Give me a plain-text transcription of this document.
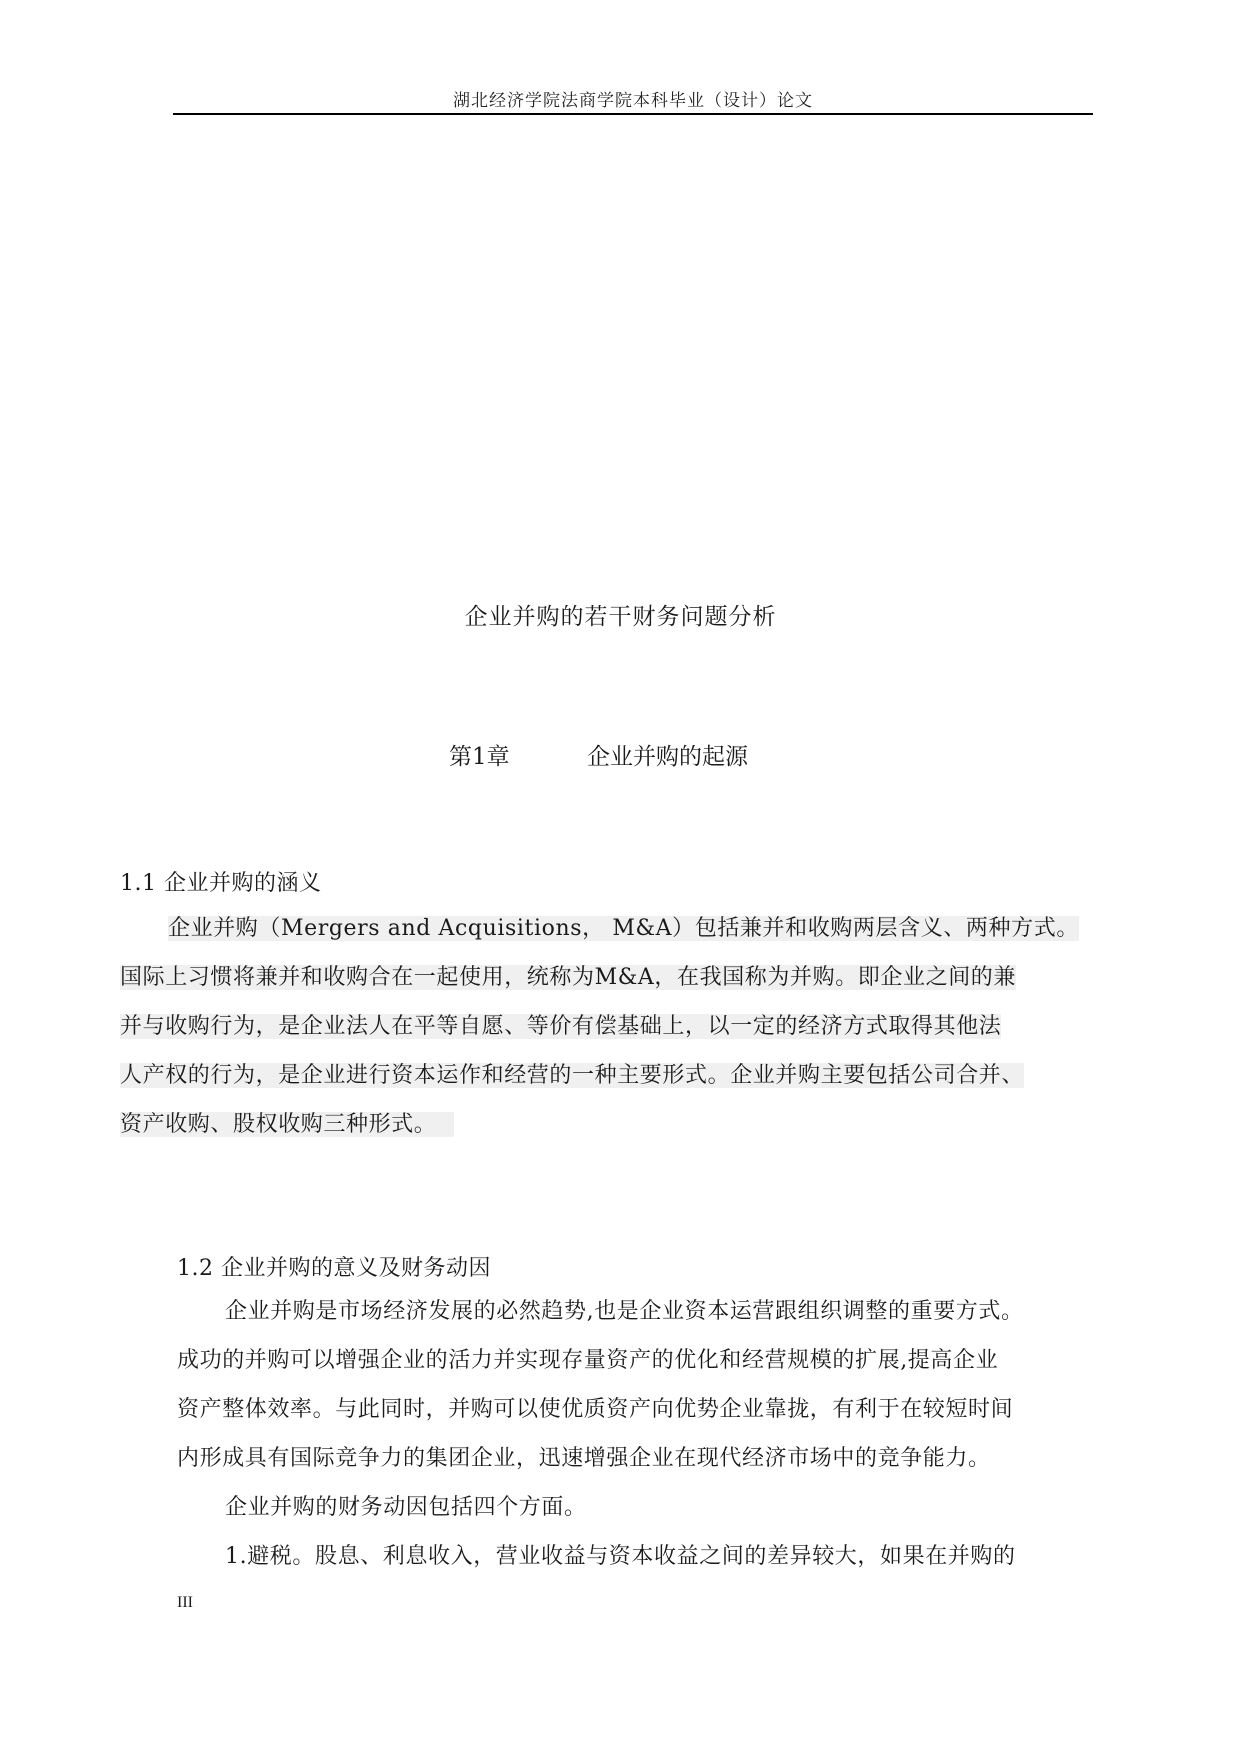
湖北经济学院法商学院本科毕业（设计）论文
企业并购的若干财务问题分析
第1章	企业并购的起源
1.1 企业并购的涵义
企业并购（Mergers and Acquisitions， M&A）包括兼并和收购两层含义、两种方式。
国际上习惯将兼并和收购合在一起使用，统称为M&A，在我国称为并购。即企业之间的兼
并与收购行为，是企业法人在平等自愿、等价有偿基础上，以一定的经济方式取得其他法
人产权的行为，是企业进行资本运作和经营的一种主要形式。企业并购主要包括公司合并、
资产收购、股权收购三种形式。
1.2 企业并购的意义及财务动因
企业并购是市场经济发展的必然趋势,也是企业资本运营跟组织调整的重要方式。
成功的并购可以增强企业的活力并实现存量资产的优化和经营规模的扩展,提高企业
资产整体效率。与此同时，并购可以使优质资产向优势企业靠拢，有利于在较短时间
内形成具有国际竞争力的集团企业，迅速增强企业在现代经济市场中的竞争能力。
企业并购的财务动因包括四个方面。
1.避税。股息、利息收入，营业收益与资本收益之间的差异较大，如果在并购的
III
